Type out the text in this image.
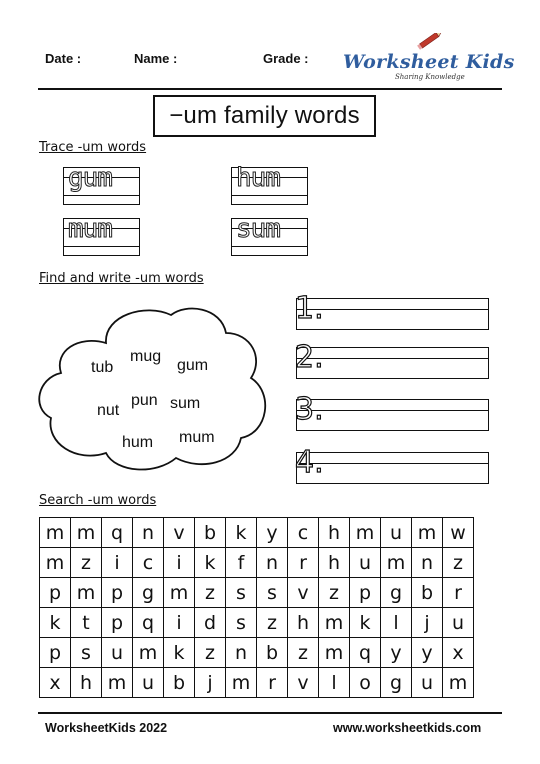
Date :	Name :	Grade : Worksheet Kids
Sharing Knowledge
−um family words
Trace -um words
gum	hum
mum	sum
Find and write -um words
tub
mug
gum
nut
pun sum
hum mum
1.
2.
3.
4.
Search -um words
m	m	q	n	v	b	k	y	c	h	m	u	m	w
m	z	i	c	i	k	f	n	r	h	u	m	n	z
p	m	p	g	m	z	s	s	v	z	p	g	b	r
k	t	p	q	i	d	s	z	h	m	k	l	j	u
p	s	u	m	k	z	n	b	z	m	q	y	y	x
x	h	m	u	b	j	m	r	v	l	o	g	u	m
WorksheetKids 2022	www.worksheetkids.com
